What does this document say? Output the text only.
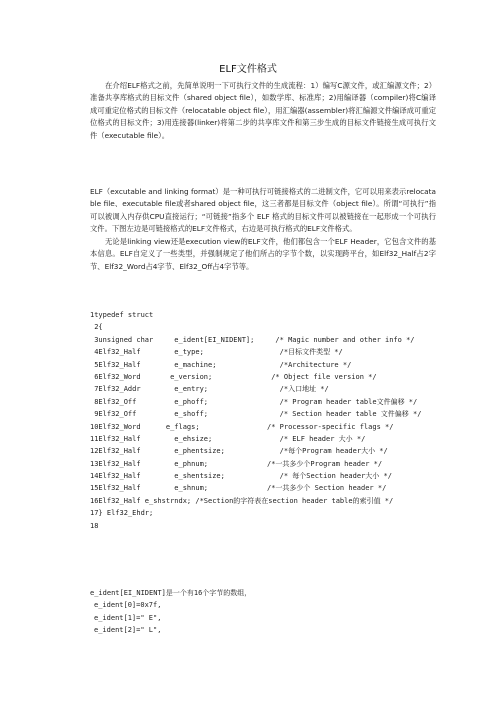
ELF文件格式
在介绍ELF格式之前，先简单说明一下可执行文件的生成流程：1）编写C源文件，或汇编源文件；2）准备共享库格式的目标文件（shared object file），如数学库、标准库；2)用编译器（compiler)将C编译成可重定位格式的目标文件（relocatable object file），用汇编器(assembler)将汇编源文件编译成可重定位格式的目标文件；3)用连接器(linker)将第二步的共享库文件和第三步生成的目标文件链接生成可执行文件（executable file）。
ELF（excutable and linking format）是一种可执行可链接格式的二进制文件，它可以用来表示relocatable file、executable file或者shared object file，这三者都是目标文件（object file）。所谓“可执行”指可以被调入内存供CPU直接运行；“可链接”指多个 ELF 格式的目标文件可以被链接在一起形成一个可执行文件。下图左边是可链接格式的ELF文件格式，右边是可执行格式的ELF文件格式。
无论是linking view还是execution view的ELF文件，他们都包含一个ELF Header，它包含文件的基本信息。ELF自定义了一些类型，并强制规定了他们所占的字节个数，以实现跨平台，如Elf32_Half占2字节、Elf32_Word占4字节、Elf32_Off占4字节等。
1typedef struct
2{
3unsigned char     e_ident[EI_NIDENT];     /* Magic number and other info */
4Elf32_Half        e_type;                  /*目标文件类型 */
5Elf32_Half        e_machine;               /*Architecture */
6Elf32_Word       e_version;              /* Object file version */
7Elf32_Addr        e_entry;                 /*入口地址 */
8Elf32_Off         e_phoff;                 /* Program header table文件偏移 */
9Elf32_Off         e_shoff;                 /* Section header table 文件偏移 */
10Elf32_Word      e_flags;                /* Processor-specific flags */
11Elf32_Half        e_ehsize;                /* ELF header 大小 */
12Elf32_Half        e_phentsize;             /*每个Program header大小 */
13Elf32_Half        e_phnum;              /*一共多少个Program header */
14Elf32_Half        e_shentsize;             /* 每个Section header大小 */
15Elf32_Half        e_shnum;              /*一共多少个 Section header */
16Elf32_Half e_shstrndx; /*Section的字符表在section header table的索引值 */
17} Elf32_Ehdr;
18
e_ident[EI_NIDENT]是一个有16个字节的数组，
e_ident[0]=0x7f,
e_ident[1]=" E",
e_ident[2]=" L",
